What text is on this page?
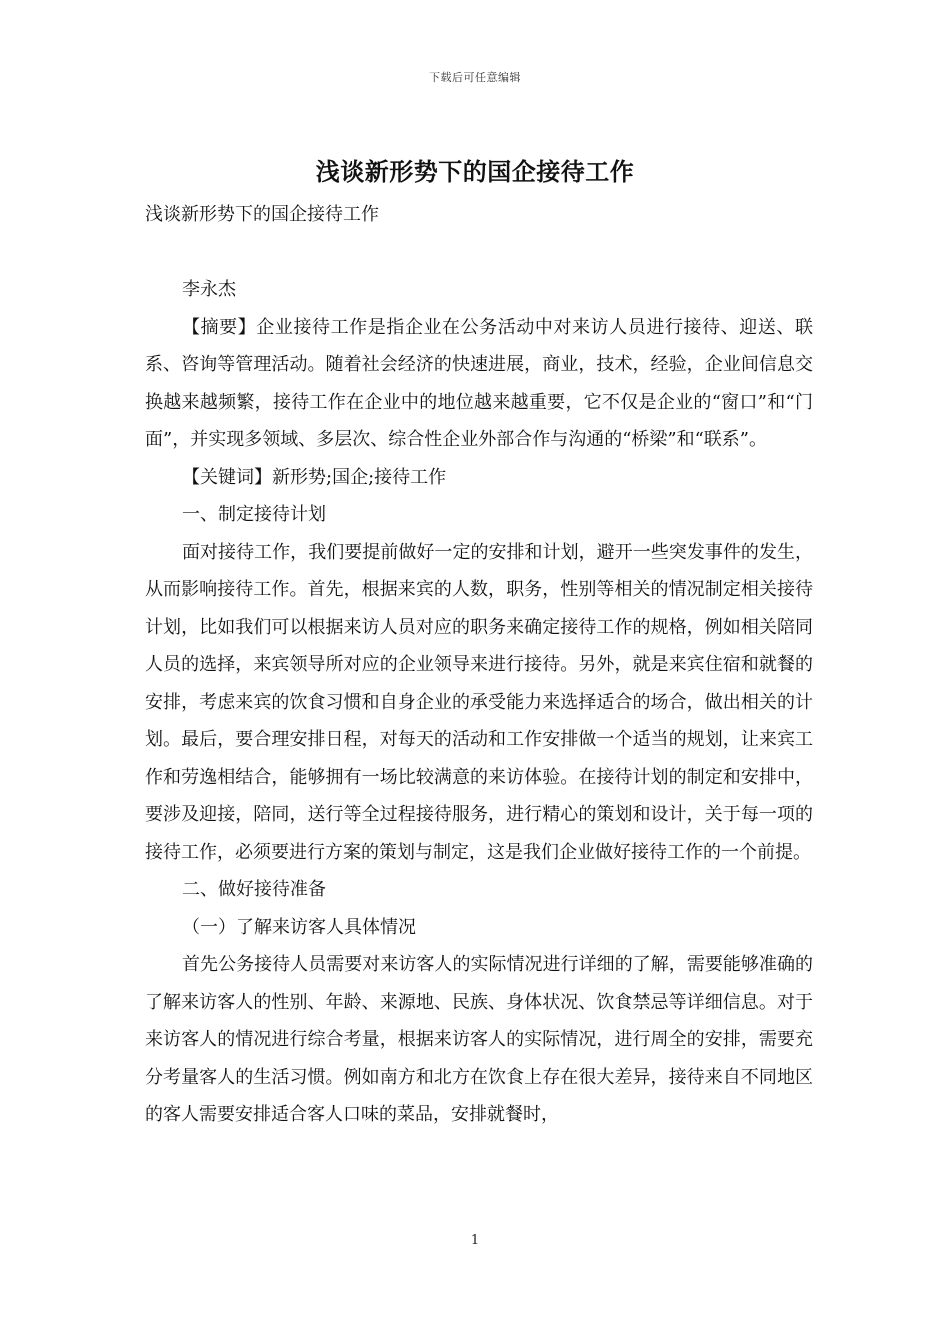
下载后可任意编辑
浅谈新形势下的国企接待工作

浅谈新形势下的国企接待工作

李永杰

【摘要】企业接待工作是指企业在公务活动中对来访人员进行接待、迎送、联系、咨询等管理活动。随着社会经济的快速进展，商业，技术，经验，企业间信息交换越来越频繁，接待工作在企业中的地位越来越重要，它不仅是企业的“窗口”和“门面”，并实现多领域、多层次、综合性企业外部合作与沟通的“桥梁”和“联系”。

【关键词】新形势;国企;接待工作

一、制定接待计划

面对接待工作，我们要提前做好一定的安排和计划，避开一些突发事件的发生，从而影响接待工作。首先，根据来宾的人数，职务，性别等相关的情况制定相关接待计划，比如我们可以根据来访人员对应的职务来确定接待工作的规格，例如相关陪同人员的选择，来宾领导所对应的企业领导来进行接待。另外，就是来宾住宿和就餐的安排，考虑来宾的饮食习惯和自身企业的承受能力来选择适合的场合，做出相关的计划。最后，要合理安排日程，对每天的活动和工作安排做一个适当的规划，让来宾工作和劳逸相结合，能够拥有一场比较满意的来访体验。在接待计划的制定和安排中，要涉及迎接，陪同，送行等全过程接待服务，进行精心的策划和设计，关于每一项的接待工作，必须要进行方案的策划与制定，这是我们企业做好接待工作的一个前提。

二、做好接待准备

（一）了解来访客人具体情况

首先公务接待人员需要对来访客人的实际情况进行详细的了解，需要能够准确的了解来访客人的性别、年龄、来源地、民族、身体状况、饮食禁忌等详细信息。对于来访客人的情况进行综合考量，根据来访客人的实际情况，进行周全的安排，需要充分考量客人的生活习惯。例如南方和北方在饮食上存在很大差异，接待来自不同地区的客人需要安排适合客人口味的菜品，安排就餐时，

1
